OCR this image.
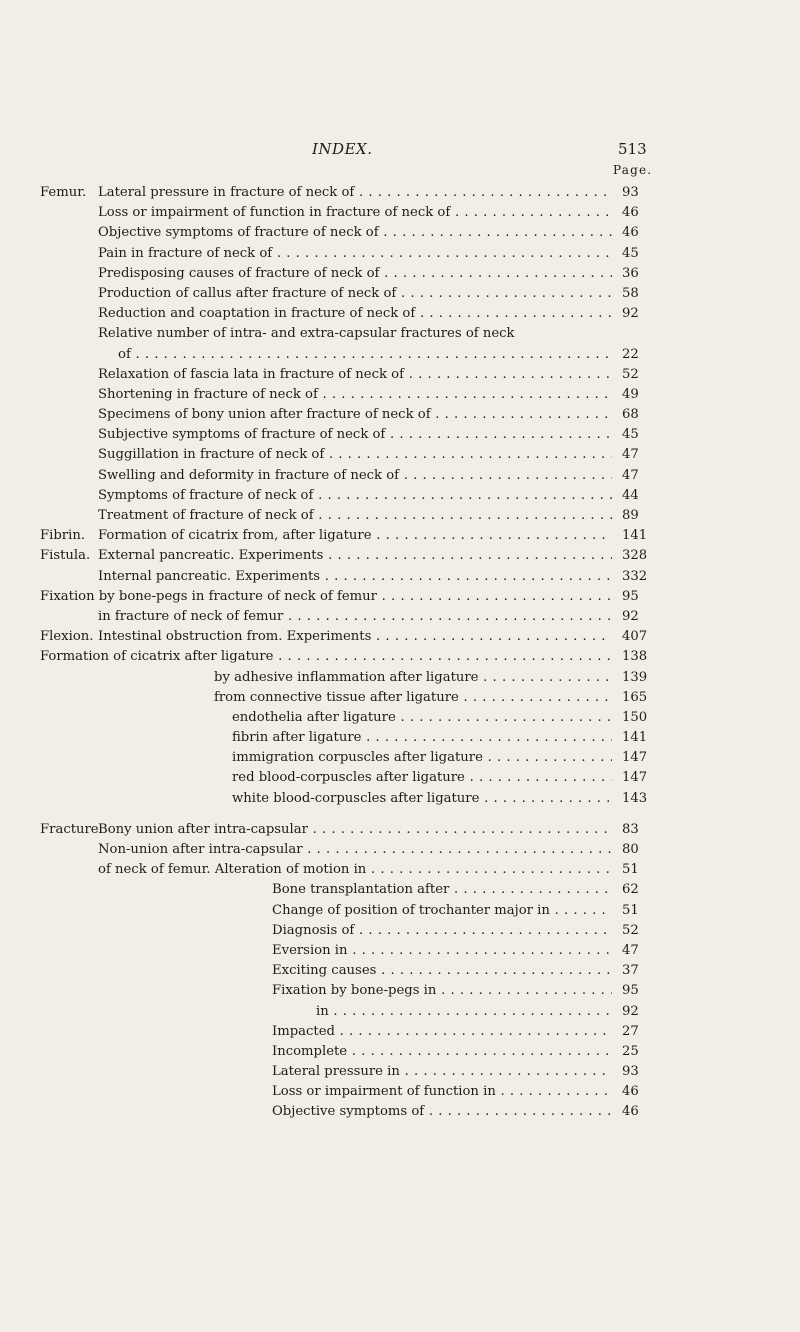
INDEX.	513
Page.
Femur. Lateral pressure in fracture of neck of . . .	93
Loss or impairment of function in fracture of neck of . . .	46
Objective symptoms of fracture of neck of . . .	46
Pain in fracture of neck of . . .	45
Predisposing causes of fracture of neck of . . .	36
Production of callus after fracture of neck of . . .	58
Reduction and coaptation in fracture of neck of . . .	92
Relative number of intra- and extra-capsular fractures of neck
of . . .	22
Relaxation of fascia lata in fracture of neck of . . .	52
Shortening in fracture of neck of . . .	49
Specimens of bony union after fracture of neck of . . .	68
Subjective symptoms of fracture of neck of . . .	45
Suggillation in fracture of neck of . . .	47
Swelling and deformity in fracture of neck of . . .	47
Symptoms of fracture of neck of . . .	44
Treatment of fracture of neck of . . .	89
Fibrin. Formation of cicatrix from, after ligature . . .	141
Fistula. External pancreatic. Experiments . . .	328
Internal pancreatic. Experiments . . .	332
Fixation by bone-pegs in fracture of neck of femur . . .	95
in fracture of neck of femur . . .	92
Flexion. Intestinal obstruction from. Experiments . . .	407
Formation of cicatrix after ligature . . .	138
by adhesive inflammation after ligature . . .	139
from connective tissue after ligature . . .	165
endothelia after ligature . . .	150
fibrin after ligature . . .	141
immigration corpuscles after ligature . . .	147
red blood-corpuscles after ligature . . .	147
white blood-corpuscles after ligature . . .	143
Fracture.
Bony union after intra-capsular . . .	83
Non-union after intra-capsular . . .	80
of neck of femur. Alteration of motion in . . .	51
Bone transplantation after . . .	62
Change of position of trochanter major in . . .	51
Diagnosis of . . .	52
Eversion in . . .	47
Exciting causes . . .	37
Fixation by bone-pegs in . . .	95
in . . .	92
Impacted . . .	27
Incomplete . . .	25
Lateral pressure in . . .	93
Loss or impairment of function in . . .	46
Objective symptoms of . . .	46
